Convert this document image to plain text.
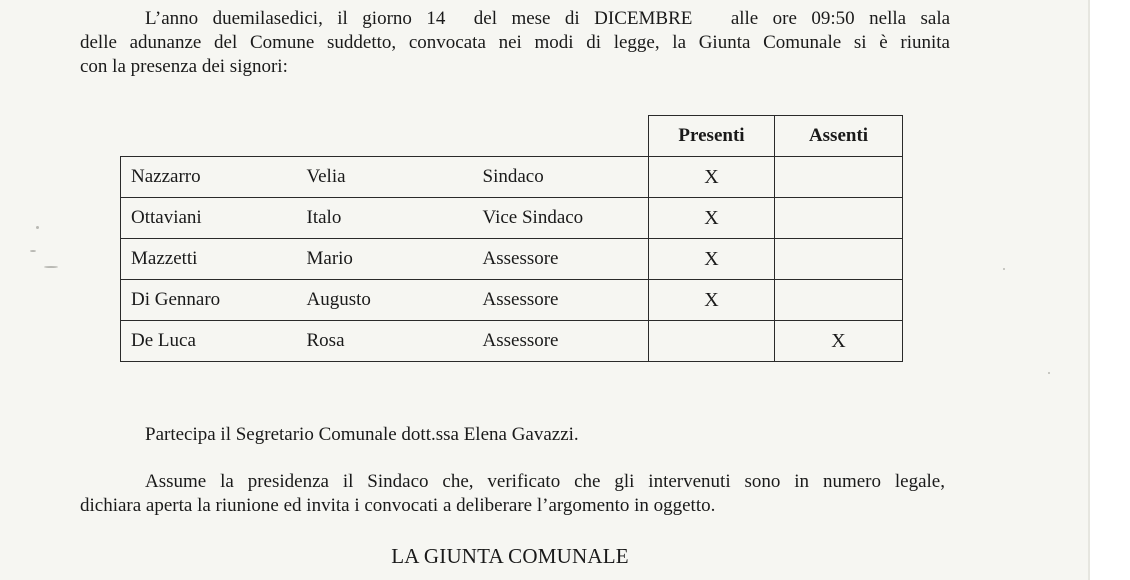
L’anno duemilasedici, il giorno 14 del mese di DICEMBRE alle ore 09:50 nella sala
delle adunanze del Comune suddetto, convocata nei modi di legge, la Giunta Comunale si è riunita
con la presenza dei signori:

			Presenti	Assenti
Nazzarro	Velia	Sindaco	X	
Ottaviani	Italo	Vice Sindaco	X	
Mazzetti	Mario	Assessore	X	
Di Gennaro	Augusto	Assessore	X	
De Luca	Rosa	Assessore		X

Partecipa il Segretario Comunale dott.ssa Elena Gavazzi.

Assume la presidenza il Sindaco che, verificato che gli intervenuti sono in numero legale,
dichiara aperta la riunione ed invita i convocati a deliberare l’argomento in oggetto.

LA GIUNTA COMUNALE
